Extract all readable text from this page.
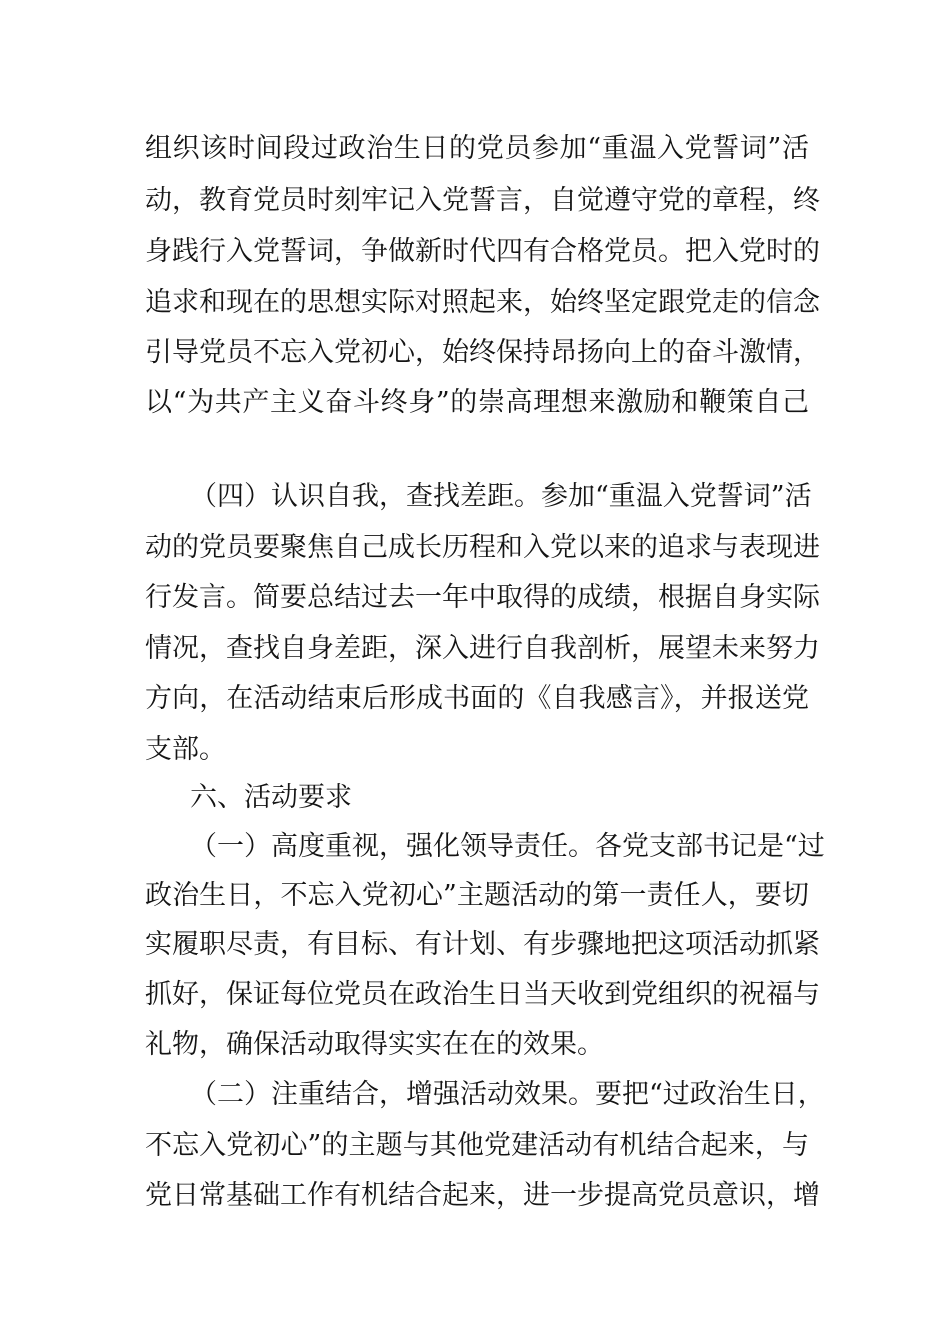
组织该时间段过政治生日的党员参加“重温入党誓词”活
动，教育党员时刻牢记入党誓言，自觉遵守党的章程，终
身践行入党誓词，争做新时代四有合格党员。把入党时的
追求和现在的思想实际对照起来，始终坚定跟党走的信念
引导党员不忘入党初心，始终保持昂扬向上的奋斗激情，
以“为共产主义奋斗终身”的崇高理想来激励和鞭策自己
（四）认识自我，查找差距。参加“重温入党誓词”活
动的党员要聚焦自己成长历程和入党以来的追求与表现进
行发言。简要总结过去一年中取得的成绩，根据自身实际
情况，查找自身差距，深入进行自我剖析，展望未来努力
方向，在活动结束后形成书面的《自我感言》，并报送党
支部。
六、活动要求
（一）高度重视，强化领导责任。各党支部书记是“过
政治生日，不忘入党初心”主题活动的第一责任人，要切
实履职尽责，有目标、有计划、有步骤地把这项活动抓紧
抓好，保证每位党员在政治生日当天收到党组织的祝福与
礼物，确保活动取得实实在在的效果。
（二）注重结合，增强活动效果。要把“过政治生日，
不忘入党初心”的主题与其他党建活动有机结合起来，与
党日常基础工作有机结合起来，进一步提高党员意识，增
